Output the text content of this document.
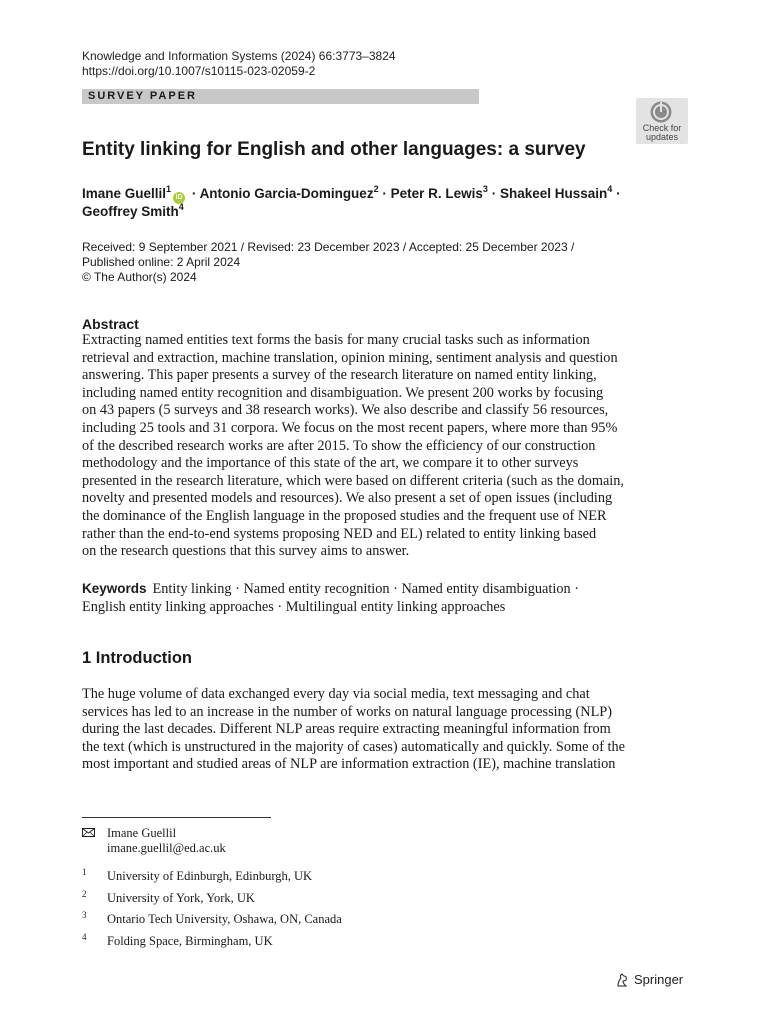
Knowledge and Information Systems (2024) 66:3773–3824
https://doi.org/10.1007/s10115-023-02059-2
SURVEY PAPER
Check for
updates
Entity linking for English and other languages: a survey
Imane Guellil$^1$iD · Antonio Garcia-Dominguez$^2$ · Peter R. Lewis$^3$ · Shakeel Hussain$^4$ ·
Geoffrey Smith$^4$
Received: 9 September 2021 / Revised: 23 December 2023 / Accepted: 25 December 2023 /
Published online: 2 April 2024
© The Author(s) 2024
Abstract
Extracting named entities text forms the basis for many crucial tasks such as information
retrieval and extraction, machine translation, opinion mining, sentiment analysis and question
answering. This paper presents a survey of the research literature on named entity linking,
including named entity recognition and disambiguation. We present 200 works by focusing
on 43 papers (5 surveys and 38 research works). We also describe and classify 56 resources,
including 25 tools and 31 corpora. We focus on the most recent papers, where more than 95%
of the described research works are after 2015. To show the efficiency of our construction
methodology and the importance of this state of the art, we compare it to other surveys
presented in the research literature, which were based on different criteria (such as the domain,
novelty and presented models and resources). We also present a set of open issues (including
the dominance of the English language in the proposed studies and the frequent use of NER
rather than the end-to-end systems proposing NED and EL) related to entity linking based
on the research questions that this survey aims to answer.
Keywords Entity linking · Named entity recognition · Named entity disambiguation ·
English entity linking approaches · Multilingual entity linking approaches
1 Introduction
The huge volume of data exchanged every day via social media, text messaging and chat
services has led to an increase in the number of works on natural language processing (NLP)
during the last decades. Different NLP areas require extracting meaningful information from
the text (which is unstructured in the majority of cases) automatically and quickly. Some of the
most important and studied areas of NLP are information extraction (IE), machine translation
Imane Guellil
imane.guellil@ed.ac.uk
1 University of Edinburgh, Edinburgh, UK
2 University of York, York, UK
3 Ontario Tech University, Oshawa, ON, Canada
4 Folding Space, Birmingham, UK
Springer
